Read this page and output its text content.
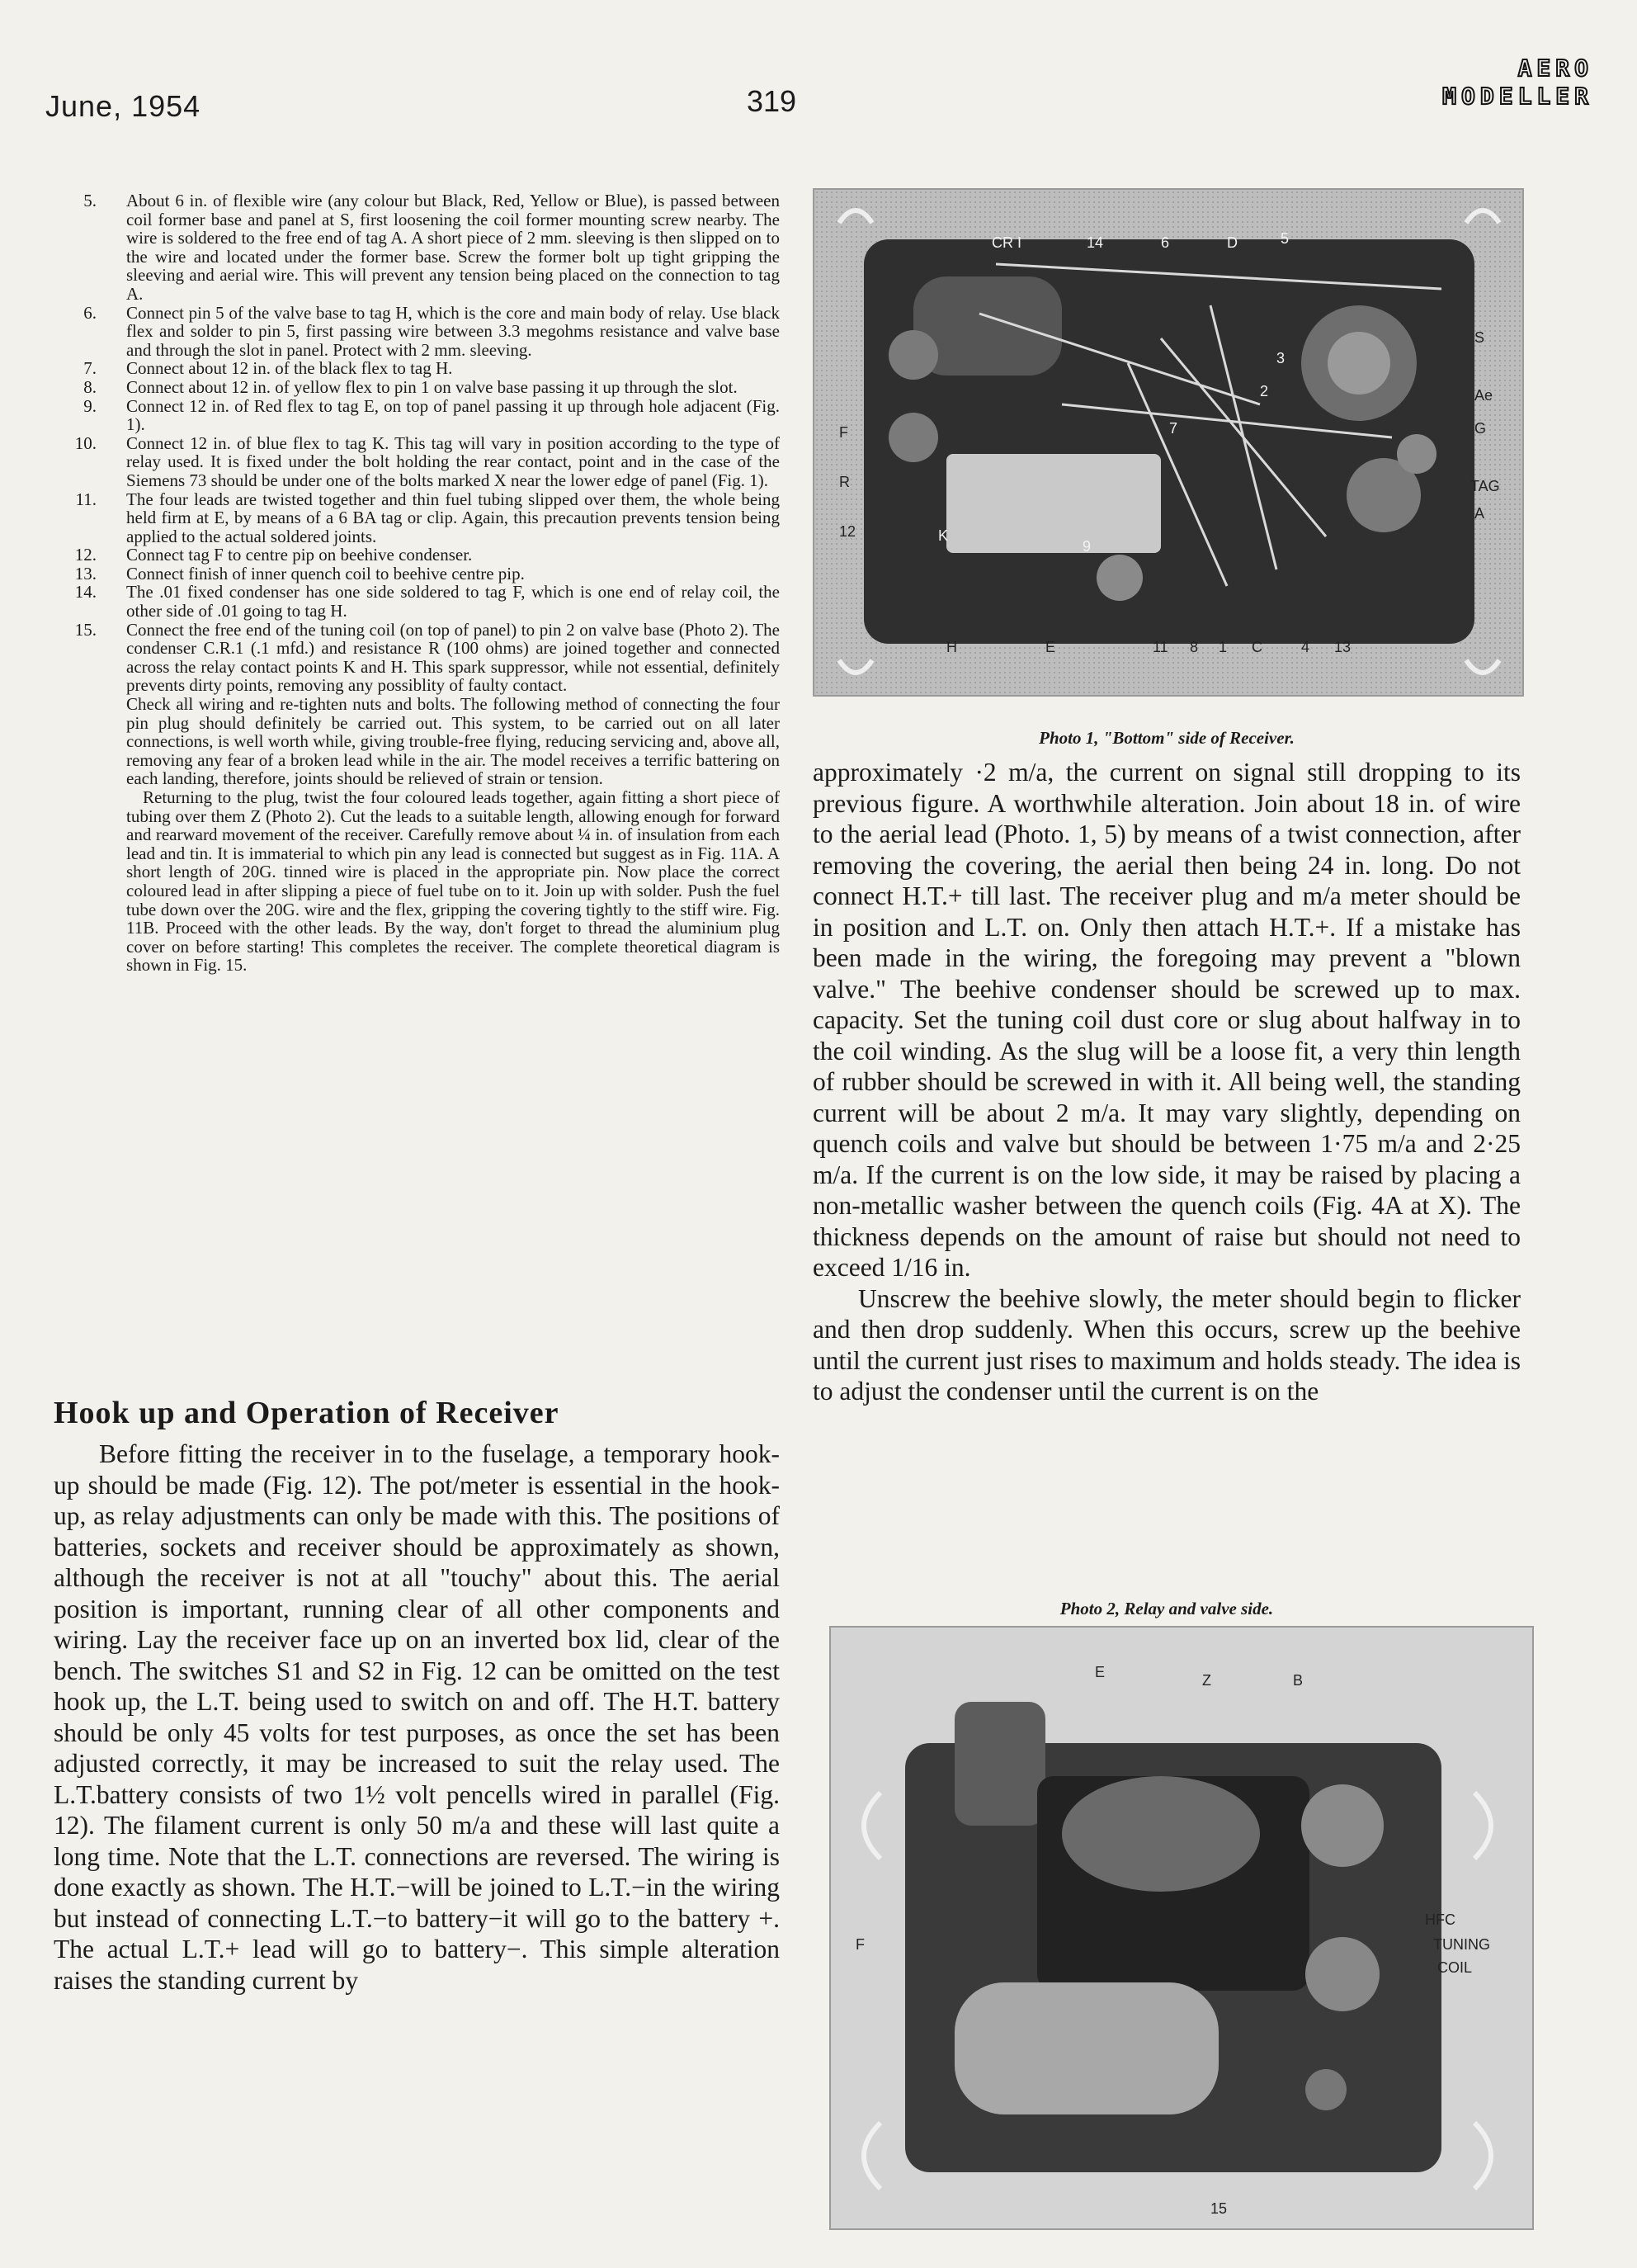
June, 1954	319
AERO
MODELLER

5. About 6 in. of flexible wire (any colour but Black, Red, Yellow or Blue), is passed between coil former base and panel at S, first loosening the coil former mounting screw nearby. The wire is soldered to the free end of tag A. A short piece of 2 mm. sleeving is then slipped on to the wire and located under the former base. Screw the former bolt up tight gripping the sleeving and aerial wire. This will prevent any tension being placed on the connection to tag A.

6. Connect pin 5 of the valve base to tag H, which is the core and main body of relay. Use black flex and solder to pin 5, first passing wire between 3.3 megohms resistance and valve base and through the slot in panel. Protect with 2 mm. sleeving.

7. Connect about 12 in. of the black flex to tag H.

8. Connect about 12 in. of yellow flex to pin 1 on valve base passing it up through the slot.

9. Connect 12 in. of Red flex to tag E, on top of panel passing it up through hole adjacent (Fig. 1).

10. Connect 12 in. of blue flex to tag K. This tag will vary in position according to the type of relay used. It is fixed under the bolt holding the rear contact, point and in the case of the Siemens 73 should be under one of the bolts marked X near the lower edge of panel (Fig. 1).

11. The four leads are twisted together and thin fuel tubing slipped over them, the whole being held firm at E, by means of a 6 BA tag or clip. Again, this precaution prevents tension being applied to the actual soldered joints.

12. Connect tag F to centre pip on beehive condenser.

13. Connect finish of inner quench coil to beehive centre pip.

14. The .01 fixed condenser has one side soldered to tag F, which is one end of relay coil, the other side of .01 going to tag H.

15. Connect the free end of the tuning coil (on top of panel) to pin 2 on valve base (Photo 2). The condenser C.R.1 (.1 mfd.) and resistance R (100 ohms) are joined together and connected across the relay contact points K and H. This spark suppressor, while not essential, definitely prevents dirty points, removing any possiblity of faulty contact.

Check all wiring and re-tighten nuts and bolts. The following method of connecting the four pin plug should definitely be carried out. This system, to be carried out on all later connections, is well worth while, giving trouble-free flying, reducing servicing and, above all, removing any fear of a broken lead while in the air. The model receives a terrific battering on each landing, therefore, joints should be relieved of strain or tension.

Returning to the plug, twist the four coloured leads together, again fitting a short piece of tubing over them Z (Photo 2). Cut the leads to a suitable length, allowing enough for forward and rearward movement of the receiver. Carefully remove about ¼ in. of insulation from each lead and tin. It is immaterial to which pin any lead is connected but suggest as in Fig. 11A. A short length of 20G. tinned wire is placed in the appropriate pin. Now place the correct coloured lead in after slipping a piece of fuel tube on to it. Join up with solder. Push the fuel tube down over the 20G. wire and the flex, gripping the covering tightly to the stiff wire. Fig. 11B. Proceed with the other leads. By the way, don't forget to thread the aluminium plug cover on before starting! This completes the receiver. The complete theoretical diagram is shown in Fig. 15.

Hook up and Operation of Receiver

Before fitting the receiver in to the fuselage, a temporary hook-up should be made (Fig. 12). The pot/meter is essential in the hook-up, as relay adjustments can only be made with this. The positions of batteries, sockets and receiver should be approximately as shown, although the receiver is not at all "touchy" about this. The aerial position is important, running clear of all other components and wiring. Lay the receiver face up on an inverted box lid, clear of the bench. The switches S1 and S2 in Fig. 12 can be omitted on the test hook up, the L.T. being used to switch on and off. The H.T. battery should be only 45 volts for test purposes, as once the set has been adjusted correctly, it may be increased to suit the relay used. The L.T.battery consists of two 1½ volt pencells wired in parallel (Fig. 12). The filament current is only 50 m/a and these will last quite a long time. Note that the L.T. connections are reversed. The wiring is done exactly as shown. The H.T.−will be joined to L.T.−in the wiring but instead of connecting L.T.−to battery−it will go to the battery +. The actual L.T.+ lead will go to battery−. This simple alteration raises the standing current by

CR I	14	6	D	5
S
Ae
G
TAG
A
F
R
12	K
9
7
2
3
H	E	11 8 1 C	4 13
Photo 1, "Bottom" side of Receiver.

approximately ·2 m/a, the current on signal still dropping to its previous figure. A worthwhile alteration. Join about 18 in. of wire to the aerial lead (Photo. 1, 5) by means of a twist connection, after removing the covering, the aerial then being 24 in. long. Do not connect H.T.+ till last. The receiver plug and m/a meter should be in position and L.T. on. Only then attach H.T.+. If a mistake has been made in the wiring, the foregoing may prevent a "blown valve." The beehive condenser should be screwed up to max. capacity. Set the tuning coil dust core or slug about halfway in to the coil winding. As the slug will be a loose fit, a very thin length of rubber should be screwed in with it. All being well, the standing current will be about 2 m/a. It may vary slightly, depending on quench coils and valve but should be between 1·75 m/a and 2·25 m/a. If the current is on the low side, it may be raised by placing a non-metallic washer between the quench coils (Fig. 4A at X). The thickness depends on the amount of raise but should not need to exceed 1/16 in.

Unscrew the beehive slowly, the meter should begin to flicker and then drop suddenly. When this occurs, screw up the beehive until the current just rises to maximum and holds steady. The idea is to adjust the condenser until the current is on the

Photo 2, Relay and valve side.
E	Z	B
HFC
TUNING
COIL
F
15
